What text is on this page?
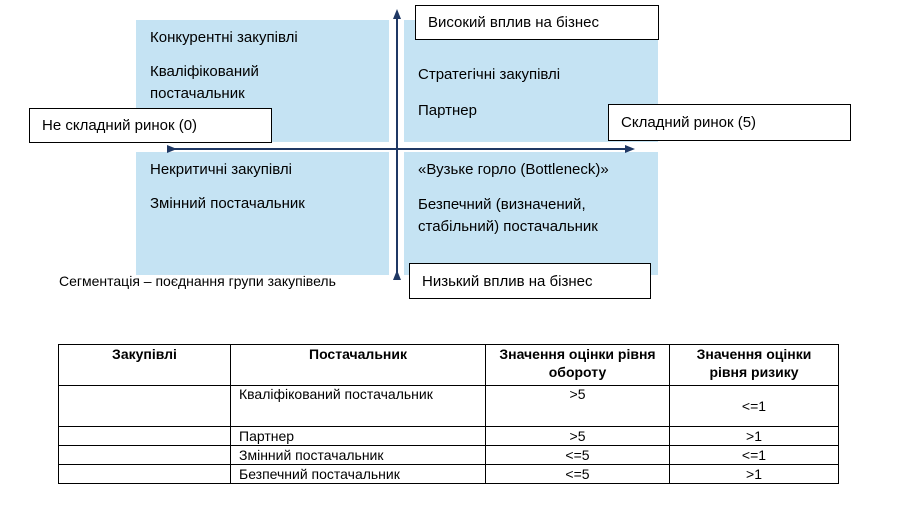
Конкурентні закупівлі
Кваліфікований
постачальник
Стратегічні закупівлі
Партнер
Некритичні закупівлі
Змінний постачальник
«Вузьке горло (Bottleneck)»
Безпечний (визначений,
стабільний) постачальник
Високий вплив на бізнес
Не складний ринок (0)	Складний ринок (5)
Сегментація – поєднання групи закупівель	Низький вплив на бізнес
Закупівлі	Постачальник	Значення оцінки рівня обороту	Значення оцінки рівня ризику
	Кваліфікований постачальник	>5	<=1
	Партнер	>5	>1
	Змінний постачальник	<=5	<=1
	Безпечний постачальник	<=5	>1
